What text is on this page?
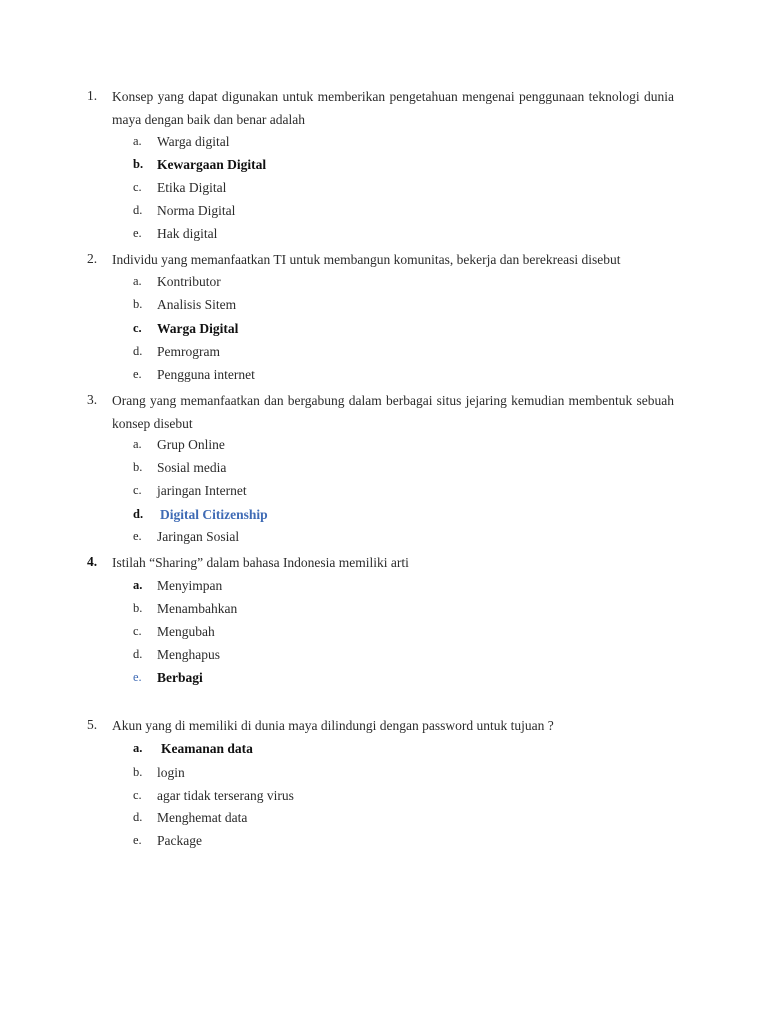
1. Konsep yang dapat digunakan untuk memberikan pengetahuan mengenai penggunaan teknologi dunia maya dengan baik dan benar adalah
a. Warga digital
b. Kewargaan Digital
c. Etika Digital
d. Norma Digital
e. Hak digital
2. Individu yang memanfaatkan TI untuk membangun komunitas, bekerja dan berekreasi disebut
a. Kontributor
b. Analisis Sitem
c. Warga Digital
d. Pemrogram
e. Pengguna internet
3. Orang yang memanfaatkan dan bergabung dalam berbagai situs jejaring kemudian membentuk sebuah konsep disebut
a. Grup Online
b. Sosial media
c. jaringan Internet
d. Digital Citizenship
e. Jaringan Sosial
4. Istilah “Sharing” dalam bahasa Indonesia memiliki arti
a. Menyimpan
b. Menambahkan
c. Mengubah
d. Menghapus
e. Berbagi
5. Akun yang di memiliki di dunia maya dilindungi dengan password untuk tujuan ?
a. Keamanan data
b. login
c. agar tidak terserang virus
d. Menghemat data
e. Package
